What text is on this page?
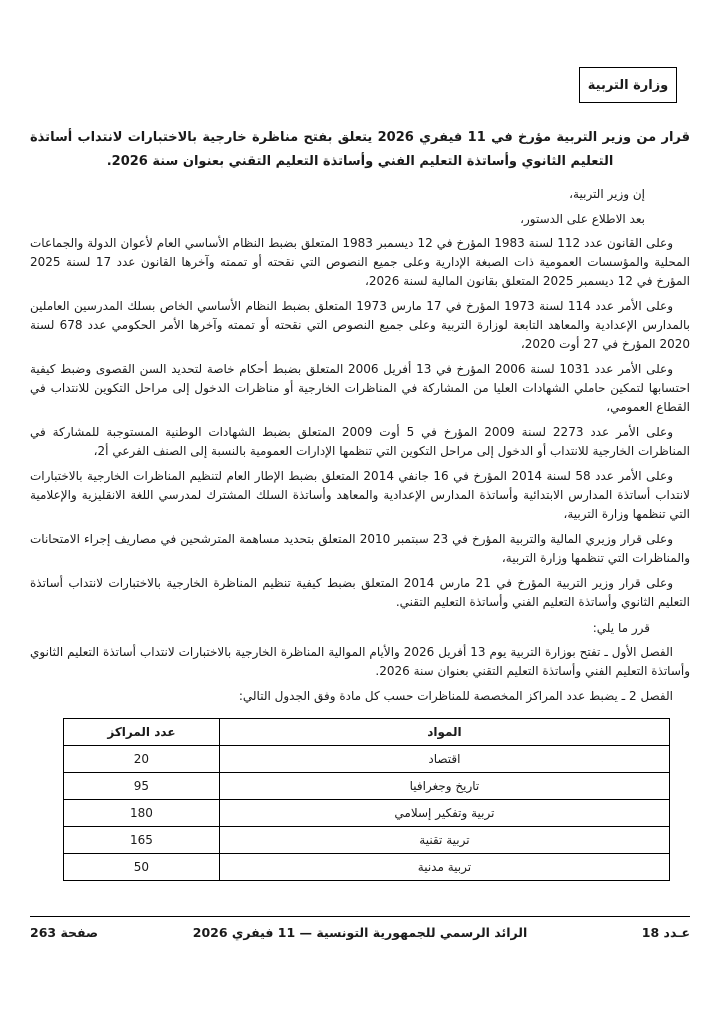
وزارة التربية

قرار من وزير التربية مؤرخ في 11 فيفري 2026 يتعلق بفتح مناظرة خارجية بالاختبارات لانتداب أساتذة التعليم الثانوي وأساتذة التعليم الفني وأساتذة التعليم التقني بعنوان سنة 2026.

إن وزير التربية،

بعد الاطلاع على الدستور،

وعلى القانون عدد 112 لسنة 1983 المؤرخ في 12 ديسمبر 1983 المتعلق بضبط النظام الأساسي العام لأعوان الدولة والجماعات المحلية والمؤسسات العمومية ذات الصبغة الإدارية وعلى جميع النصوص التي نقحته أو تممته وآخرها القانون عدد 17 لسنة 2025 المؤرخ في 12 ديسمبر 2025 المتعلق بقانون المالية لسنة 2026،

وعلى الأمر عدد 114 لسنة 1973 المؤرخ في 17 مارس 1973 المتعلق بضبط النظام الأساسي الخاص بسلك المدرسين العاملين بالمدارس الإعدادية والمعاهد التابعة لوزارة التربية وعلى جميع النصوص التي نقحته أو تممته وآخرها الأمر الحكومي عدد 678 لسنة 2020 المؤرخ في 27 أوت 2020،

وعلى الأمر عدد 1031 لسنة 2006 المؤرخ في 13 أفريل 2006 المتعلق بضبط أحكام خاصة لتحديد السن القصوى وضبط كيفية احتسابها لتمكين حاملي الشهادات العليا من المشاركة في المناظرات الخارجية أو مناظرات الدخول إلى مراحل التكوين للانتداب في القطاع العمومي،

وعلى الأمر عدد 2273 لسنة 2009 المؤرخ في 5 أوت 2009 المتعلق بضبط الشهادات الوطنية المستوجبة للمشاركة في المناظرات الخارجية للانتداب أو الدخول إلى مراحل التكوين التي تنظمها الإدارات العمومية بالنسبة إلى الصنف الفرعي أ2،

وعلى الأمر عدد 58 لسنة 2014 المؤرخ في 16 جانفي 2014 المتعلق بضبط الإطار العام لتنظيم المناظرات الخارجية بالاختبارات لانتداب أساتذة المدارس الابتدائية وأساتذة المدارس الإعدادية والمعاهد وأساتذة السلك المشترك لمدرسي اللغة الانقليزية والإعلامية التي تنظمها وزارة التربية،

وعلى قرار وزيري المالية والتربية المؤرخ في 23 سبتمبر 2010 المتعلق بتحديد مساهمة المترشحين في مصاريف إجراء الامتحانات والمناظرات التي تنظمها وزارة التربية،

وعلى قرار وزير التربية المؤرخ في 21 مارس 2014 المتعلق بضبط كيفية تنظيم المناظرة الخارجية بالاختبارات لانتداب أساتذة التعليم الثانوي وأساتذة التعليم الفني وأساتذة التعليم التقني.

قرر ما يلي:

الفصل الأول ـ تفتح بوزارة التربية يوم 13 أفريل 2026 والأيام الموالية المناظرة الخارجية بالاختبارات لانتداب أساتذة التعليم الثانوي وأساتذة التعليم الفني وأساتذة التعليم التقني بعنوان سنة 2026.

الفصل 2 ـ يضبط عدد المراكز المخصصة للمناظرات حسب كل مادة وفق الجدول التالي:

المواد	عدد المراكز
اقتصاد	20
تاريخ وجغرافيا	95
تربية وتفكير إسلامي	180
تربية تقنية	165
تربية مدنية	50
عـدد 18
الرائد الرسمي للجمهورية التونسية — 11 فيفري 2026
صفحة 263
